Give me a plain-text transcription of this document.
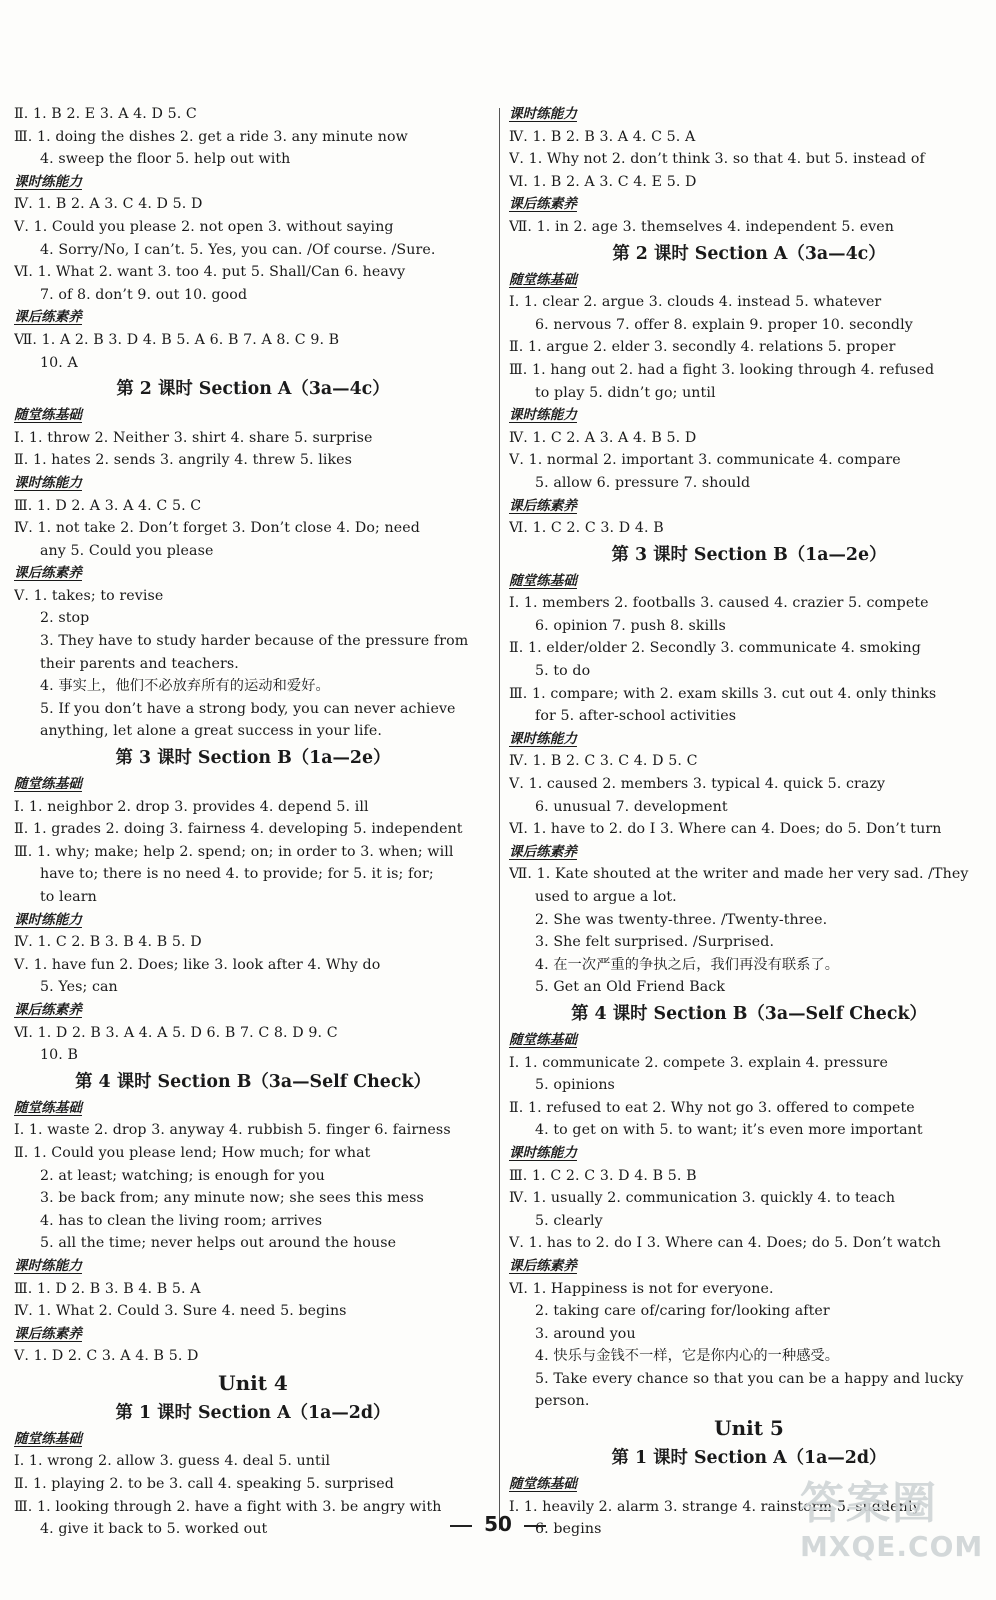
Ⅱ. 1. B 2. E 3. A 4. D 5. C
Ⅲ. 1. doing the dishes 2. get a ride 3. any minute now
4. sweep the floor 5. help out with
课时练能力
Ⅳ. 1. B 2. A 3. C 4. D 5. D
Ⅴ. 1. Could you please 2. not open 3. without saying
4. Sorry/No, I can’t. 5. Yes, you can. /Of course. /Sure.
Ⅵ. 1. What 2. want 3. too 4. put 5. Shall/Can 6. heavy
7. of 8. don’t 9. out 10. good
课后练素养
Ⅶ. 1. A 2. B 3. D 4. B 5. A 6. B 7. A 8. C 9. B
10. A
第 2 课时 Section A（3a—4c）
随堂练基础
Ⅰ. 1. throw 2. Neither 3. shirt 4. share 5. surprise
Ⅱ. 1. hates 2. sends 3. angrily 4. threw 5. likes
课时练能力
Ⅲ. 1. D 2. A 3. A 4. C 5. C
Ⅳ. 1. not take 2. Don’t forget 3. Don’t close 4. Do; need
any 5. Could you please
课后练素养
Ⅴ. 1. takes; to revise
2. stop
3. They have to study harder because of the pressure from
their parents and teachers.
4. 事实上，他们不必放弃所有的运动和爱好。
5. If you don’t have a strong body, you can never achieve
anything, let alone a great success in your life.
第 3 课时 Section B（1a—2e）
随堂练基础
Ⅰ. 1. neighbor 2. drop 3. provides 4. depend 5. ill
Ⅱ. 1. grades 2. doing 3. fairness 4. developing 5. independent
Ⅲ. 1. why; make; help 2. spend; on; in order to 3. when; will
have to; there is no need 4. to provide; for 5. it is; for;
to learn
课时练能力
Ⅳ. 1. C 2. B 3. B 4. B 5. D
Ⅴ. 1. have fun 2. Does; like 3. look after 4. Why do
5. Yes; can
课后练素养
Ⅵ. 1. D 2. B 3. A 4. A 5. D 6. B 7. C 8. D 9. C
10. B
第 4 课时 Section B（3a—Self Check）
随堂练基础
Ⅰ. 1. waste 2. drop 3. anyway 4. rubbish 5. finger 6. fairness
Ⅱ. 1. Could you please lend; How much; for what
2. at least; watching; is enough for you
3. be back from; any minute now; she sees this mess
4. has to clean the living room; arrives
5. all the time; never helps out around the house
课时练能力
Ⅲ. 1. D 2. B 3. B 4. B 5. A
Ⅳ. 1. What 2. Could 3. Sure 4. need 5. begins
课后练素养
Ⅴ. 1. D 2. C 3. A 4. B 5. D
Unit 4
第 1 课时 Section A（1a—2d）
随堂练基础
Ⅰ. 1. wrong 2. allow 3. guess 4. deal 5. until
Ⅱ. 1. playing 2. to be 3. call 4. speaking 5. surprised
Ⅲ. 1. looking through 2. have a fight with 3. be angry with
4. give it back to 5. worked out
课时练能力
Ⅳ. 1. B 2. B 3. A 4. C 5. A
Ⅴ. 1. Why not 2. don’t think 3. so that 4. but 5. instead of
Ⅵ. 1. B 2. A 3. C 4. E 5. D
课后练素养
Ⅶ. 1. in 2. age 3. themselves 4. independent 5. even
第 2 课时 Section A（3a—4c）
随堂练基础
Ⅰ. 1. clear 2. argue 3. clouds 4. instead 5. whatever
6. nervous 7. offer 8. explain 9. proper 10. secondly
Ⅱ. 1. argue 2. elder 3. secondly 4. relations 5. proper
Ⅲ. 1. hang out 2. had a fight 3. looking through 4. refused
to play 5. didn’t go; until
课时练能力
Ⅳ. 1. C 2. A 3. A 4. B 5. D
Ⅴ. 1. normal 2. important 3. communicate 4. compare
5. allow 6. pressure 7. should
课后练素养
Ⅵ. 1. C 2. C 3. D 4. B
第 3 课时 Section B（1a—2e）
随堂练基础
Ⅰ. 1. members 2. footballs 3. caused 4. crazier 5. compete
6. opinion 7. push 8. skills
Ⅱ. 1. elder/older 2. Secondly 3. communicate 4. smoking
5. to do
Ⅲ. 1. compare; with 2. exam skills 3. cut out 4. only thinks
for 5. after-school activities
课时练能力
Ⅳ. 1. B 2. C 3. C 4. D 5. C
Ⅴ. 1. caused 2. members 3. typical 4. quick 5. crazy
6. unusual 7. development
Ⅵ. 1. have to 2. do I 3. Where can 4. Does; do 5. Don’t turn
课后练素养
Ⅶ. 1. Kate shouted at the writer and made her very sad. /They
used to argue a lot.
2. She was twenty-three. /Twenty-three.
3. She felt surprised. /Surprised.
4. 在一次严重的争执之后，我们再没有联系了。
5. Get an Old Friend Back
第 4 课时 Section B（3a—Self Check）
随堂练基础
Ⅰ. 1. communicate 2. compete 3. explain 4. pressure
5. opinions
Ⅱ. 1. refused to eat 2. Why not go 3. offered to compete
4. to get on with 5. to want; it’s even more important
课时练能力
Ⅲ. 1. C 2. C 3. D 4. B 5. B
Ⅳ. 1. usually 2. communication 3. quickly 4. to teach
5. clearly
Ⅴ. 1. has to 2. do I 3. Where can 4. Does; do 5. Don’t watch
课后练素养
Ⅵ. 1. Happiness is not for everyone.
2. taking care of/caring for/looking after
3. around you
4. 快乐与金钱不一样，它是你内心的一种感受。
5. Take every chance so that you can be a happy and lucky
person.
Unit 5
第 1 课时 Section A（1a—2d）
随堂练基础
Ⅰ. 1. heavily 2. alarm 3. strange 4. rainstorm 5. suddenly
6. begins
50	答案圈
MXQE.COM
